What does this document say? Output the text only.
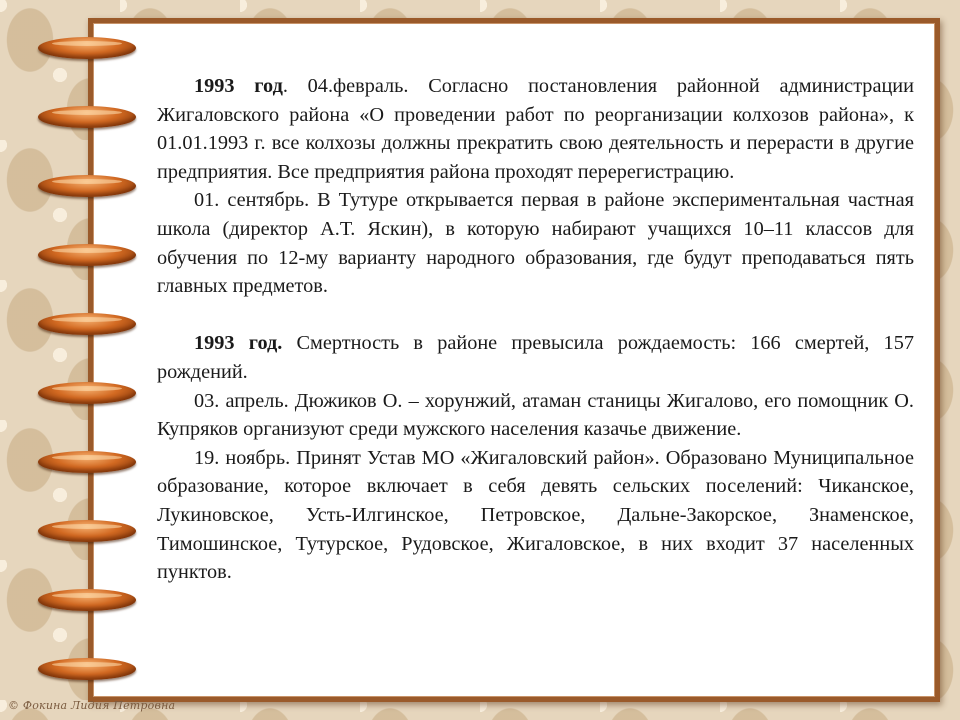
1993 год. 04.февраль. Согласно постановления районной администрации Жигаловского района «О проведении работ по реорганизации колхозов района», к 01.01.1993 г. все колхозы должны прекратить свою деятельность и перерасти в другие предприятия. Все предприятия района проходят перерегистрацию.

01. сентябрь. В Тутуре открывается первая в районе экспериментальная частная школа (директор А.Т. Яскин), в которую набирают учащихся 10–11 классов для обучения по 12-му варианту народного образования, где будут преподаваться пять главных предметов.

1993 год. Смертность в районе превысила рождаемость: 166 смертей, 157 рождений.

03. апрель. Дюжиков О. – хорунжий, атаман станицы Жигалово, его помощник О. Купряков организуют среди мужского населения казачье движение.

19. ноябрь. Принят Устав МО «Жигаловский район». Образовано Муниципальное образование, которое включает в себя девять сельских поселений: Чиканское, Лукиновское, Усть-Илгинское, Петровское, Дальне-Закорское, Знаменское, Тимошинское, Тутурское, Рудовское, Жигаловское, в них входит 37 населенных пунктов.

© Фокина Лидия Петровна
